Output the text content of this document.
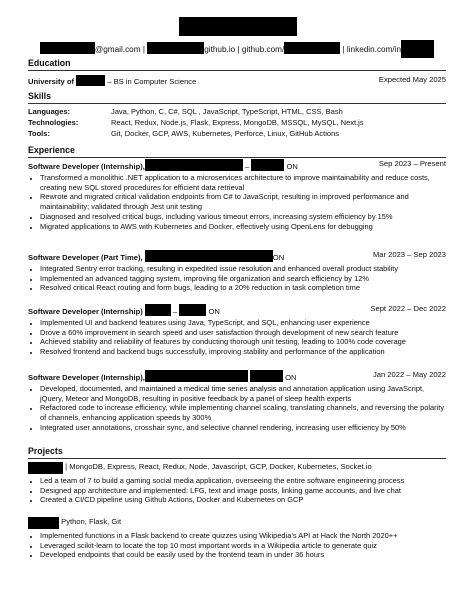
@gmail.com |	github.io | github.com/	| linkedin.com/in
Education
University of	– BS in Computer Science	Expected May 2025
Skills
Languages:	Java, Python, C, C#, SQL , JavaScript, TypeScript, HTML, CSS, Bash
Technologies:	React, Redux, Node.js, Flask, Express, MongoDB, MSSQL, MySQL, Next.js
Tools:	Git, Docker, GCP, AWS, Kubernetes, Perforce, Linux, GitHub Actions
Experience
Software Developer (Internship),	–	ON	Sep 2023 – Present
• Transformed a monolithic .NET application to a microservices architecture to improve maintainability and reduce costs, creating new SQL stored procedures for efficient data retrieval
• Rewrote and migrated critical validation endpoints from C# to JavaScript, resulting in improved performance and maintainability; validated through Jest unit testing
• Diagnosed and resolved critical bugs, including various timeout errors, increasing system efficiency by 15%
• Migrated applications to AWS with Kubernetes and Docker, effectively using OpenLens for debugging
Software Developer (Part Time),	ON	Mar 2023 – Sep 2023
• Integrated Sentry error tracking, resulting in expedited issue resolution and enhanced overall product stability
• Implemented an advanced tagging system, improving file organization and search efficiency by 12%
• Resolved critical React routing and form bugs, leading to a 20% reduction in task completion time
Software Developer (Internship)	–	ON	Sept 2022 – Dec 2022
• Implemented UI and backend features using Java, TypeScript, and SQL, enhancing user experience
• Drove a 60% improvement in search speed and user satisfaction through development of new search feature
• Achieved stability and reliability of features by conducting thorough unit testing, leading to 100% code coverage
• Resolved frontend and backend bugs successfully, improving stability and performance of the application
Software Developer (Internship),	ON	Jan 2022 – May 2022
• Developed, documented, and maintained a medical time series analysis and annotation application using JavaScript, jQuery, Meteor and MongoDB, resulting in positive feedback by a panel of sleep health experts
• Refactored code to increase efficiency, while implementing channel scaling, translating channels, and reversing the polarity of channels, enhancing application speeds by 300%
• Integrated user annotations, crosshair sync, and selective channel rendering, increasing user efficiency by 50%
Projects

| MongoDB, Express, React, Redux, Node, Javascript, GCP, Docker, Kubernetes, Socket.io
• Led a team of 7 to build a gaming social media application, overseeing the entire software engineering process
• Designed app architecture and implemented: LFG, text and image posts, linking game accounts, and live chat
• Created a CI/CD pipeline using Github Actions, Docker and Kubernetes on GCP

Python, Flask, Git
• Implemented functions in a Flask backend to create quizzes using Wikipedia’s API at Hack the North 2020++
• Leveraged scikit-learn to locate the top 10 most important words in a Wikipedia article to generate quiz
• Developed endpoints that could be easily used by the frontend team in under 36 hours
